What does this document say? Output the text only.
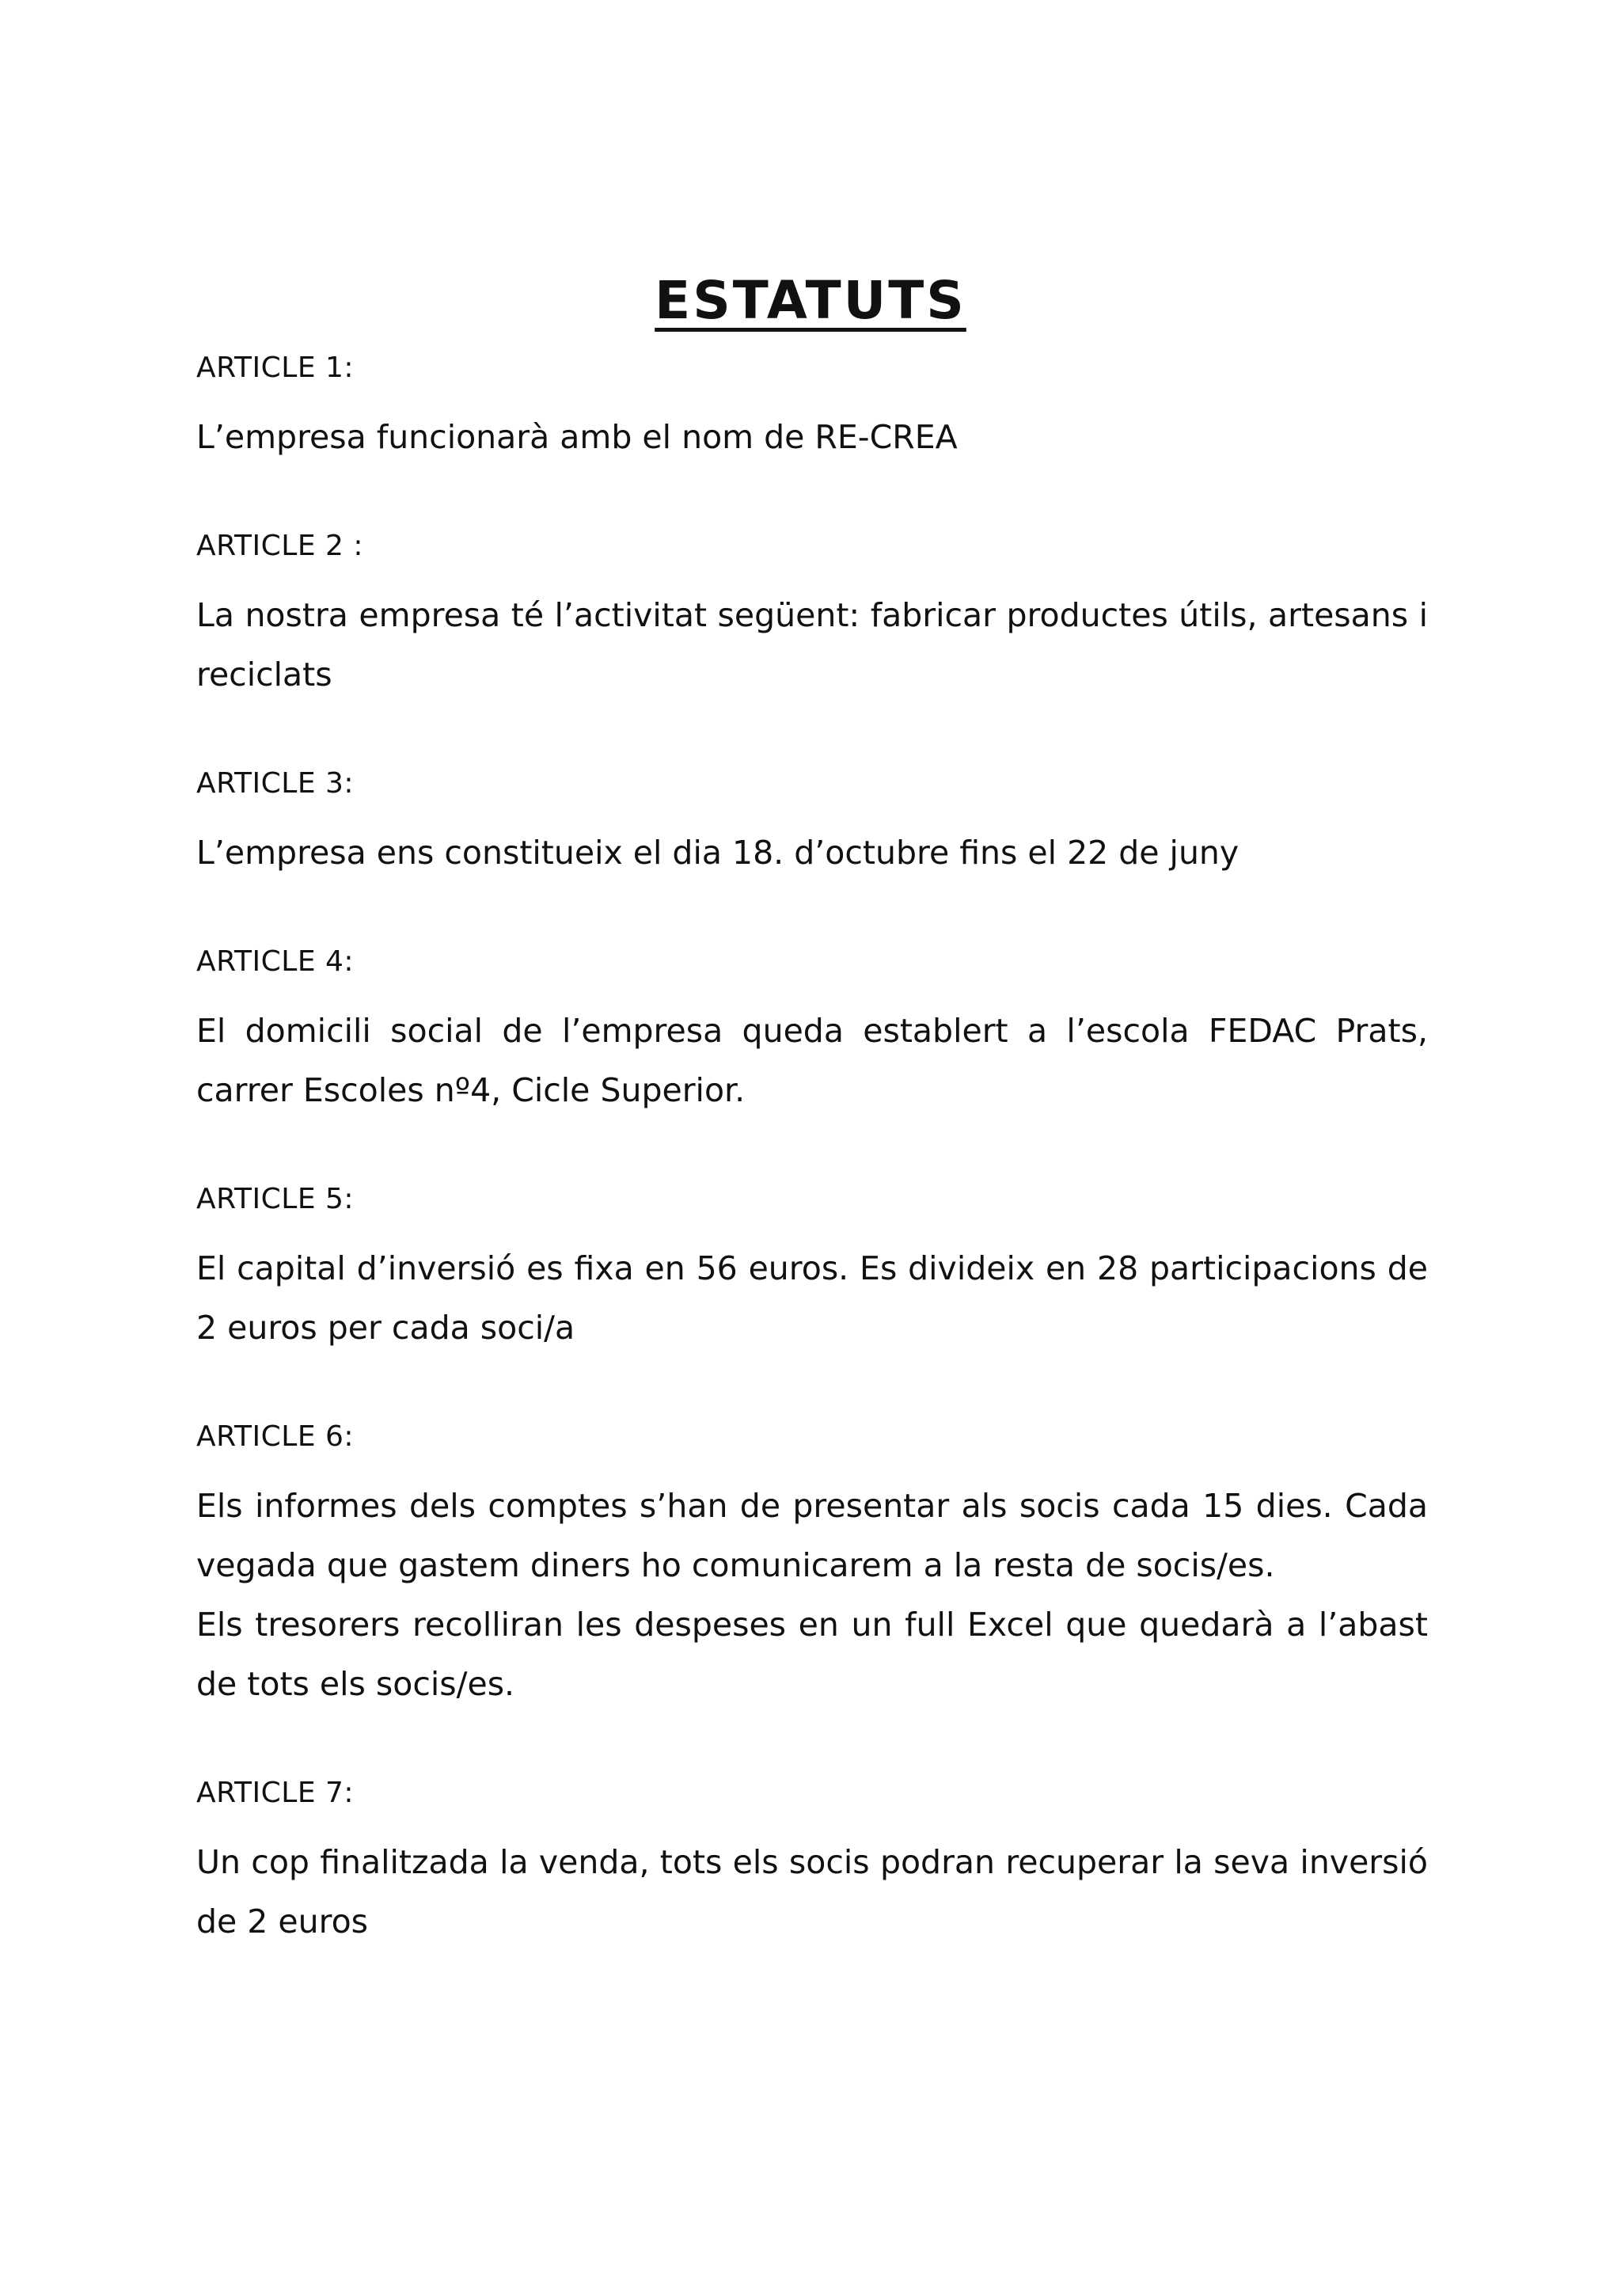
ESTATUTS
ARTICLE 1:

L’empresa funcionarà amb el nom de RE-CREA

ARTICLE 2 :

La nostra empresa té l’activitat següent: fabricar productes útils, artesans i reciclats

ARTICLE 3:

L’empresa ens constitueix el dia 18. d’octubre fins el 22 de juny

ARTICLE 4:

El domicili social de l’empresa queda establert a l’escola FEDAC Prats, carrer Escoles nº4, Cicle Superior.

ARTICLE 5:

El capital d’inversió es fixa en 56 euros. Es divideix en 28 participacions de 2 euros per cada soci/a

ARTICLE 6:

Els informes dels comptes s’han de presentar als socis cada 15 dies. Cada vegada que gastem diners ho comunicarem a la resta de socis/es.

Els tresorers recolliran les despeses en un full Excel que quedarà a l’abast de tots els socis/es.

ARTICLE 7:

Un cop finalitzada la venda, tots els socis podran recuperar la seva inversió de 2 euros
